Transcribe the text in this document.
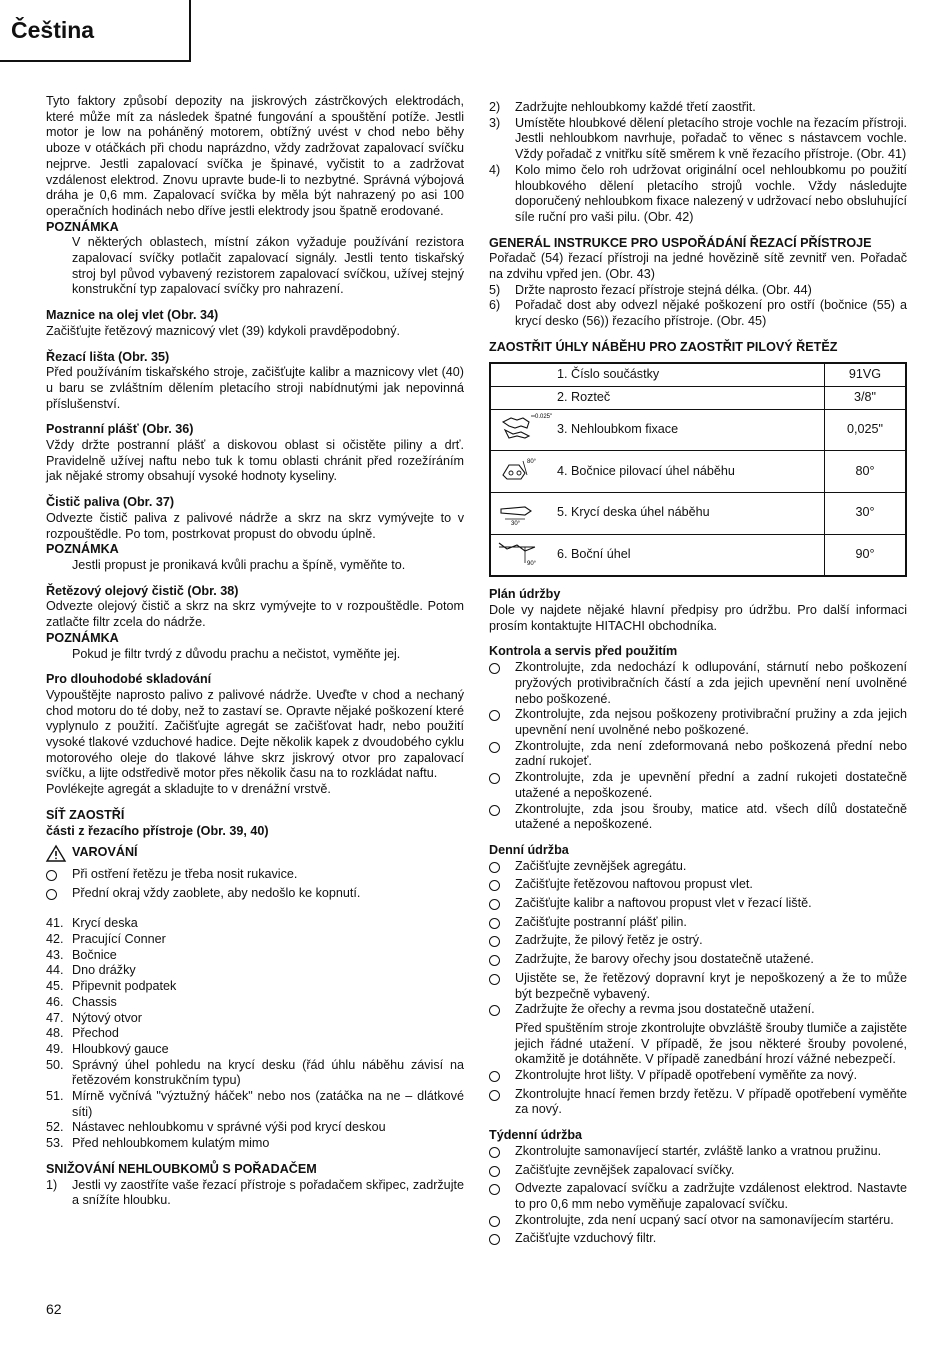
Čeština

Tyto faktory způsobí depozity na jiskrových zástrčkových elektrodách, které může mít za následek špatné fungování a spouštění potíže. Jestli motor je low na poháněný motorem, obtížný uvést v chod nebo běhy uboze v otáčkách při chodu naprázdno, vždy zadržovat zapalovací svíčku nejprve. Jestli zapalovací svíčka je špinavé, vyčistit to a zadržovat vzdálenost elektrod. Znovu upravte bude-li to nezbytné. Správná výbojová dráha je 0,6 mm. Zapalovací svíčka by měla být nahrazený po asi 100 operačních hodinách nebo dříve jestli elektrody jsou špatně erodované.

POZNÁMKA

V některých oblastech, místní zákon vyžaduje používání rezistora zapalovací svíčky potlačit zapalovací signály. Jestli tento tiskařský stroj byl původ vybavený rezistorem zapalovací svíčkou, užívej stejný konstrukční typ zapalovací svíčky pro nahrazení.

Maznice na olej vlet (Obr. 34)

Začišťujte řetězový maznicový vlet (39) kdykoli pravděpodobný.

Řezací lišta (Obr. 35)

Před používáním tiskařského stroje, začišťujte kalibr a maznicovy vlet (40) u baru se zvláštním dělením pletacího stroji nabídnutými jak nepovinná příslušenství.

Postranní plášť (Obr. 36)

Vždy držte postranní plášť a diskovou oblast si očistěte piliny a drť. Pravidelně užívej naftu nebo tuk k tomu oblasti chránit před rozežíráním jak nějaké stromy obsahují vysoké hodnoty kyseliny.

Čistič paliva (Obr. 37)

Odvezte čistič paliva z palivové nádrže a skrz na skrz vymývejte to v rozpouštědle. Po tom, postrkovat propust do obvodu úplně.

POZNÁMKA

Jestli propust je pronikavá kvůli prachu a špíně, vyměňte to.

Řetězový olejový čistič (Obr. 38)

Odvezte olejový čistič a skrz na skrz vymývejte to v rozpouštědle. Potom zatlačte filtr zcela do nádrže.

POZNÁMKA

Pokud je filtr tvrdý z důvodu prachu a nečistot, vyměňte jej.

Pro dlouhodobé skladování

Vypouštějte naprosto palivo z palivové nádrže. Uveďte v chod a nechaný chod motoru do té doby, než to zastaví se. Opravte nějaké poškození které vyplynulo z použití. Začišťujte agregát se začišťovat hadr, nebo použití vysoké tlakové vzduchové hadice. Dejte několik kapek z dvoudobého cyklu motorového oleje do tlakové láhve skrz jiskrový otvor pro zapalovací svíčku, a lijte odstředivě motor přes několik času na to rozkládat naftu.

Povlékejte agregát a skladujte to v drenážní vrstvě.

SÍŤ ZAOSTŘÍ

části z řezacího přístroje (Obr. 39, 40)

VAROVÁNÍ
Při ostření řetězu je třeba nosit rukavice.
Přední okraj vždy zaoblete, aby nedošlo ke kopnutí.
41. Krycí deska
42. Pracující Conner
43. Bočnice
44. Dno drážky
45. Připevnit podpatek
46. Chassis
47. Nýtový otvor
48. Přechod
49. Hloubkový gauce
50. Správný úhel pohledu na krycí desku (řád úhlu náběhu závisí na řetězovém konstrukčním typu)
51. Mírně vyčnívá "výztužný háček" nebo nos (zatáčka na ne – dlátkové síti)
52. Nástavec nehloubkomu v správné výši pod krycí deskou
53. Před nehloubkomem kulatým mimo

SNIŽOVÁNÍ NEHLOUBKOMŮ S POŘADAČEM

1)	Jestli vy zaostříte vaše řezací přístroje s pořadačem skřipec, zadržujte a snížíte hloubku.
2)	Zadržujte nehloubkomy každé třetí zaostřit.
3)	Umístěte hloubkové dělení pletacího stroje vochle na řezacím přístroji. Jestli nehloubkom navrhuje, pořadač to věnec s nástavcem vochle. Vždy pořadač z vnitřku sítě směrem k vně řezacího přístroje. (Obr. 41)
4)	Kolo mimo čelo roh udržovat originální ocel nehloubkomu po použití hloubkového dělení pletacího strojů vochle. Vždy následujte doporučený nehloubkom fixace nalezený v udržovací nebo obsluhující síle ruční pro vaši pilu. (Obr. 42)

GENERÁL INSTRUKCE PRO USPOŘÁDÁNÍ ŘEZACÍ PŘÍSTROJE

Pořadač (54) řezací přístroji na jedné hovězině sítě zevnitř ven. Pořadač na zdvihu vpřed jen. (Obr. 43)

5)	Držte naprosto řezací přístroje stejná délka. (Obr. 44)
6)	Pořadač dost aby odvezl nějaké poškození pro ostří (bočnice (55) a krycí desko (56)) řezacího přístroje. (Obr. 45)

ZAOSTŘIT ÚHLY NÁBĚHU PRO ZAOSTŘIT PILOVÝ ŘETĚZ

	1. Číslo součástky	91VG
	2. Rozteč	3/8"

0.025"	3. Nehloubkom fixace	0,025"

80°	4. Bočnice pilovací úhel náběhu	80°

30°	5. Krycí deska úhel náběhu	30°

90°	6. Boční úhel	90°

Plán údržby

Dole vy najdete nějaké hlavní předpisy pro údržbu. Pro další informaci prosím kontaktujte HITACHI obchodníka.

Kontrola a servis před použitím

Zkontrolujte, zda nedochází k odlupování, stárnutí nebo poškození pryžových protivibračních částí a zda jejich upevnění není uvolněné nebo poškozené.
Zkontrolujte, zda nejsou poškozeny protivibrační pružiny a zda jejich upevnění není uvolněné nebo poškozené.
Zkontrolujte, zda není zdeformovaná nebo poškozená přední nebo zadní rukojeť.
Zkontrolujte, zda je upevnění přední a zadní rukojeti dostatečně utažené a nepoškozené.
Zkontrolujte, zda jsou šrouby, matice atd. všech dílů dostatečně utažené a nepoškozené.

Denní údržba

Začišťujte zevnějšek agregátu.
Začišťujte řetězovou naftovou propust vlet.
Začišťujte kalibr a naftovou propust vlet v řezací liště.
Začišťujte postranní plášť pilin.
Zadržujte, že pilový řetěz je ostrý.
Zadržujte, že barovy ořechy jsou dostatečně utažené.
Ujistěte se, že řetězový dopravní kryt je nepoškozený a že to může být bezpečně vybavený.
Zadržujte že ořechy a revma jsou dostatečně utažení.
Před spuštěním stroje zkontrolujte obvzláště šrouby tlumiče a zajistěte jejich řádné utažení. V případě, že jsou některé šrouby povolené, okamžitě je dotáhněte. V případě zanedbání hrozí vážné nebezpečí.
Zkontrolujte hrot lišty. V případě opotřebení vyměňte za nový.
Zkontrolujte hnací řemen brzdy řetězu. V případě opotřebení vyměňte za nový.

Týdenní údržba

Zkontrolujte samonavíjecí startér, zvláště lanko a vratnou pružinu.
Začišťujte zevnějšek zapalovací svíčky.
Odvezte zapalovací svíčku a zadržujte vzdálenost elektrod. Nastavte to pro 0,6 mm nebo vyměňuje zapalovací svíčku.
Zkontrolujte, zda není ucpaný sací otvor na samonavíjecím startéru.
Začišťujte vzduchový filtr.
62
